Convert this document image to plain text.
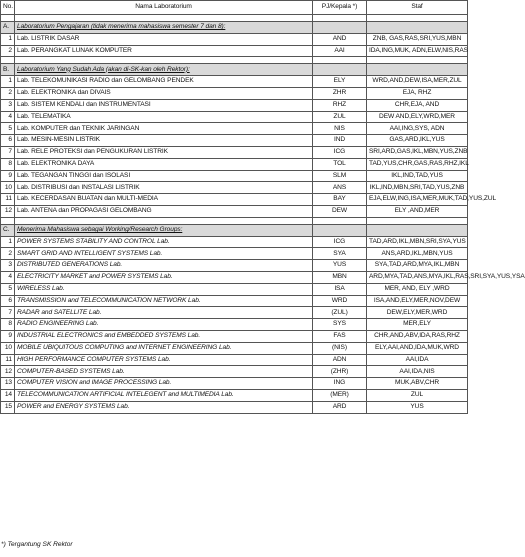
No.	Nama Laboratorium	PJ/Kepala *)	Staf

A.	Laboratorium Pengajaran (tidak menerima mahasiswa semester 7 dan 8):		
1	Lab. LISTRIK DASAR	AND	ZNB, GAS,RAS,SRI,YUS,MBN
2	Lab. PERANGKAT LUNAK KOMPUTER	AAI	IDA,ING,MUK, ADN,ELW,NIS,RAS

B.	Laboratorium Yang Sudah Ada (akan di-SK-kan oleh Rektor):		
1	Lab. TELEKOMUNIKASI RADIO dan GELOMBANG PENDEK	ELY	WRD,AND,DEW,ISA,MER,ZUL
2	Lab. ELEKTRONIKA dan DIVAIS	ZHR	EJA, RHZ
3	Lab. SISTEM KENDALI dan INSTRUMENTASI	RHZ	CHR,EJA, AND
4	Lab. TELEMATIKA	ZUL	DEW AND,ELY,WRD,MER
5	Lab. KOMPUTER dan TEKNIK JARINGAN	NIS	AAI,ING,SYS, ADN
6	Lab. MESIN-MESIN LISTRIK	IND	GAS,ARD,IKL,YUS
7	Lab. RELE PROTEKSI dan PENGUKURAN LISTRIK	ICG	SRI,ARD,GAS,IKL,MBN,YUS,ZNB
8	Lab. ELEKTRONIKA DAYA	TOL	TAD,YUS,CHR,GAS,RAS,RHZ,IKL
9	Lab. TEGANGAN TINGGI dan ISOLASI	SLM	IKL,IND,TAD,YUS
10	Lab. DISTRIBUSI dan INSTALASI LISTRIK	ANS	IKL,IND,MBN,SRI,TAD,YUS,ZNB
11	Lab. KECERDASAN BUATAN dan MULTI-MEDIA	BAY	EJA,ELW,ING,ISA,MER,MUK,TAD,YUS,ZUL
12	Lab. ANTENA dan PROPAGASI GELOMBANG	DEW	ELY ,AND,MER

C.	Menerima Mahasiswa sebagai Working/Research Groups:		
1	POWER SYSTEMS STABILITY AND CONTROL Lab.	ICG	TAD,ARD,IKL,MBN,SRI,SYA,YUS
2	SMART GRID AND INTELLIGENT SYSTEMS Lab.	SYA	ANS,ARD,IKL,MBN,YUS
3	DISTRIBUTED GENERATIONS Lab.	YUS	SYA,TAD,ARD,MYA,IKL,MBN
4	ELECTRICITY MARKET and POWER SYSTEMS Lab.	MBN	ARD,MYA,TAD,ANS,MYA,IKL,RAS,SRI,SYA,YUS,YSA
5	WIRELESS Lab.	ISA	MER, AND, ELY ,WRD
6	TRANSMISSION and TELECOMMUNICATION NETWORK Lab.	WRD	ISA,AND,ELY,MER,NOV,DEW
7	RADAR and SATELLITE Lab.	(ZUL)	DEW,ELY,MER,WRD
8	RADIO ENGINEERING Lab.	SYS	MER,ELY
9	INDUSTRIAL ELECTRONICS and EMBEDDED SYSTEMS Lab.	FAS	CHR,AND,ABV,IDA,RAS,RHZ
10	MOBILE UBIQUITOUS COMPUTING and INTERNET ENGINEERING Lab.	(NIS)	ELY,AAI,AND,IDA,MUK,WRD
11	HIGH PERFORMANCE COMPUTER SYSTEMS Lab.	ADN	AAI,IDA
12	COMPUTER-BASED SYSTEMS Lab.	(ZHR)	AAI,IDA,NIS
13	COMPUTER VISION and IMAGE PROCESSING Lab.	ING	MUK,ABV,CHR
14	TELECOMMUNICATION ARTIFICIAL INTELEGENT and MULTIMEDIA Lab.	(MER)	ZUL
15	POWER and ENERGY SYSTEMS Lab.	ARD	YUS
*) Tergantung SK Rektor
